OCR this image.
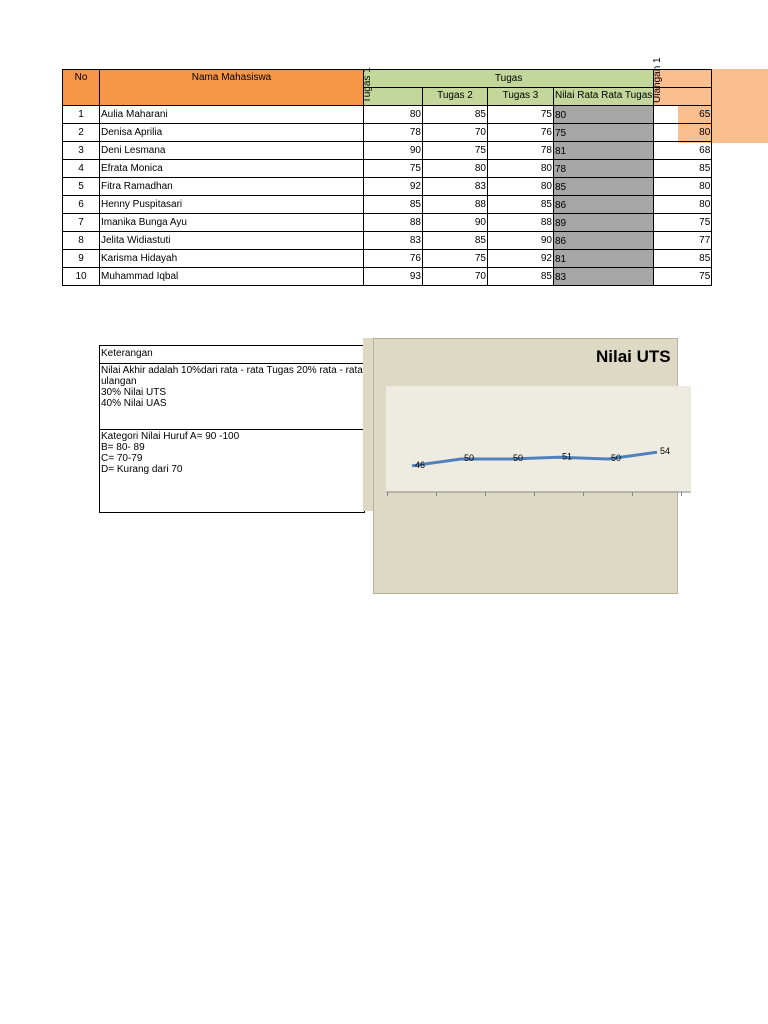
No	Nama Mahasiswa	Tugas				

		Tugas 1	Tugas 2	Tugas 3	Nilai Rata Rata Tugas	Ulangan 1

1	Aulia Maharani	80	85	75	80	65
2	Denisa Aprilia	78	70	76	75	80
3	Deni Lesmana	90	75	78	81	68
4	Efrata Monica	75	80	80	78	85
5	Fitra Ramadhan	92	83	80	85	80
6	Henny Puspitasari	85	88	85	86	80
7	Imanika Bunga Ayu	88	90	88	89	75
8	Jelita Widiastuti	83	85	90	86	77
9	Karisma Hidayah	76	75	92	81	85
10	Muhammad Iqbal	93	70	85	83	75
Keterangan
Nilai Akhir adalah 10%dari rata - rata Tugas 20% rata - rata ulangan
30% Nilai UTS
40% Nilai UAS
Kategori Nilai Huruf A= 90 -100
B= 80- 89
C= 70-79
D= Kurang dari 70
Nilai UTS
46
50	50	51	50
54
